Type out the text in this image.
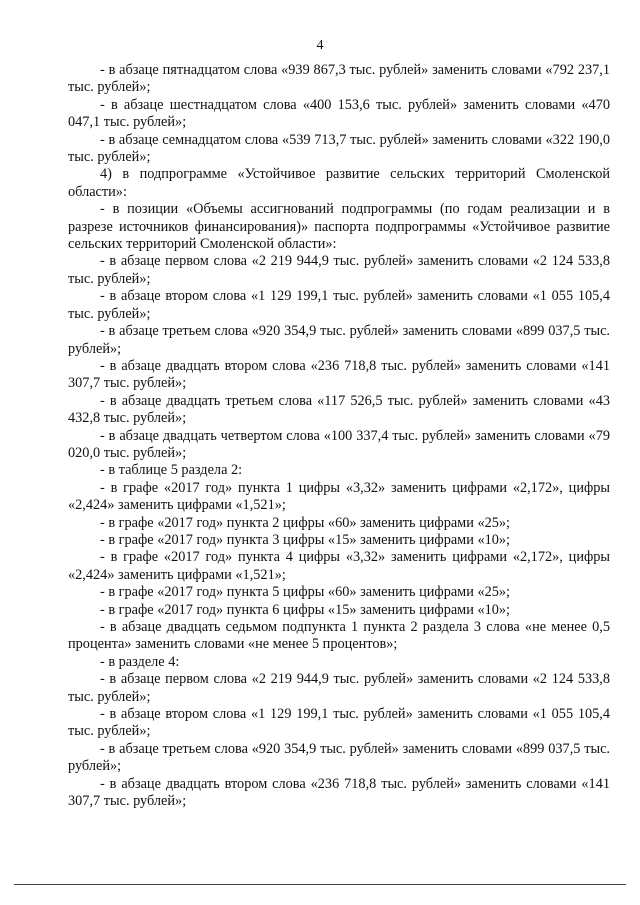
4

- в абзаце пятнадцатом слова «939 867,3 тыс. рублей» заменить словами «792 237,1 тыс. рублей»;

- в абзаце шестнадцатом слова «400 153,6 тыс. рублей» заменить словами «470 047,1 тыс. рублей»;

- в абзаце семнадцатом слова «539 713,7 тыс. рублей» заменить словами «322 190,0 тыс. рублей»;

4) в подпрограмме «Устойчивое развитие сельских территорий Смоленской области»:

- в позиции «Объемы ассигнований подпрограммы (по годам реализации и в разрезе источников финансирования)» паспорта подпрограммы «Устойчивое развитие сельских территорий Смоленской области»:

- в абзаце первом слова «2 219 944,9 тыс. рублей» заменить словами «2 124 533,8 тыс. рублей»;

- в абзаце втором слова «1 129 199,1 тыс. рублей» заменить словами «1 055 105,4 тыс. рублей»;

- в абзаце третьем слова «920 354,9 тыс. рублей» заменить словами «899 037,5 тыс. рублей»;

- в абзаце двадцать втором слова «236 718,8 тыс. рублей» заменить словами «141 307,7 тыс. рублей»;

- в абзаце двадцать третьем слова «117 526,5 тыс. рублей» заменить словами «43 432,8 тыс. рублей»;

- в абзаце двадцать четвертом слова «100 337,4 тыс. рублей» заменить словами «79 020,0 тыс. рублей»;

- в таблице 5 раздела 2:

- в графе «2017 год» пункта 1 цифры «3,32» заменить цифрами «2,172», цифры «2,424» заменить цифрами «1,521»;

- в графе «2017 год» пункта 2 цифры «60» заменить цифрами «25»;

- в графе «2017 год» пункта 3 цифры «15» заменить цифрами «10»;

- в графе «2017 год» пункта 4 цифры «3,32» заменить цифрами «2,172», цифры «2,424» заменить цифрами «1,521»;

- в графе «2017 год» пункта 5 цифры «60» заменить цифрами «25»;

- в графе «2017 год» пункта 6 цифры «15» заменить цифрами «10»;

- в абзаце двадцать седьмом подпункта 1 пункта 2 раздела 3 слова «не менее 0,5 процента» заменить словами «не менее 5 процентов»;

- в разделе 4:

- в абзаце первом слова «2 219 944,9 тыс. рублей» заменить словами «2 124 533,8 тыс. рублей»;

- в абзаце втором слова «1 129 199,1 тыс. рублей» заменить словами «1 055 105,4 тыс. рублей»;

- в абзаце третьем слова «920 354,9 тыс. рублей» заменить словами «899 037,5 тыс. рублей»;

- в абзаце двадцать втором слова «236 718,8 тыс. рублей» заменить словами «141 307,7 тыс. рублей»;
